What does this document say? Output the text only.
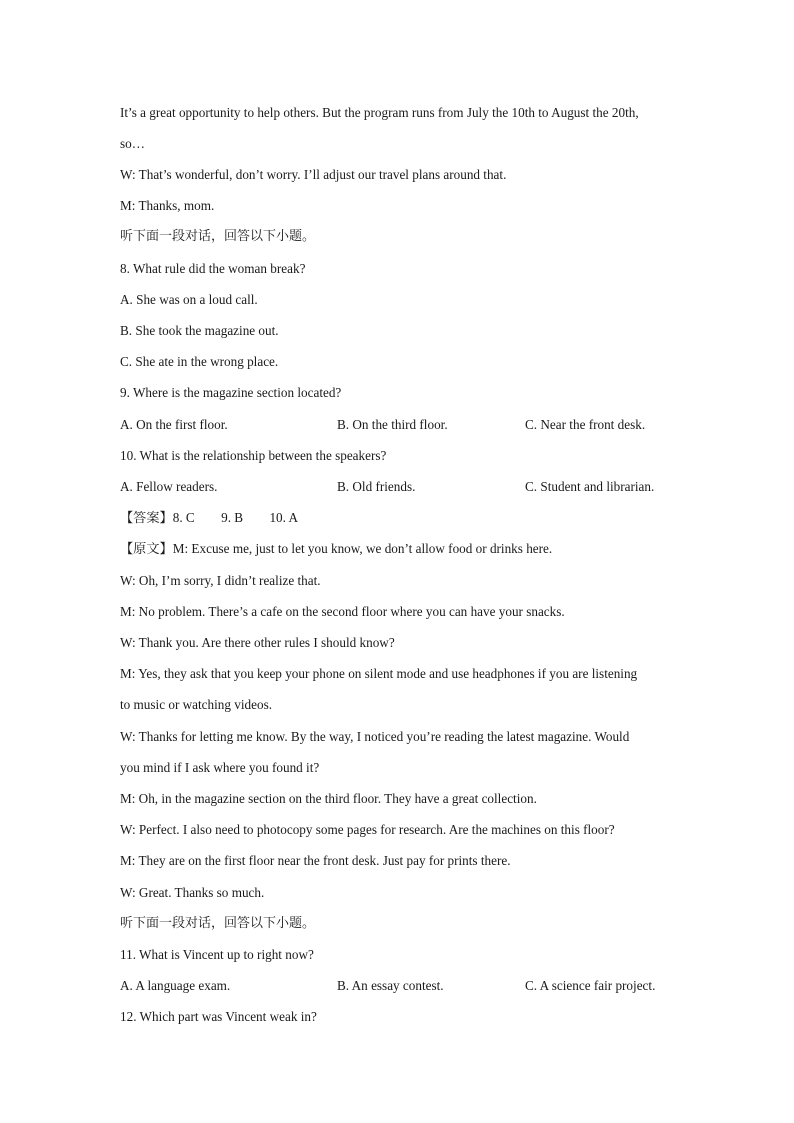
It’s a great opportunity to help others. But the program runs from July the 10th to August the 20th,
so…
W: That’s wonderful, don’t worry. I’ll adjust our travel plans around that.
M: Thanks, mom.
听下面一段对话，回答以下小题。
8. What rule did the woman break?
A. She was on a loud call.
B. She took the magazine out.
C. She ate in the wrong place.
9. Where is the magazine section located?
A. On the first floor.	B. On the third floor.	C. Near the front desk.
10. What is the relationship between the speakers?
A. Fellow readers.	B. Old friends.	C. Student and librarian.
【答案】8. C        9. B        10. A
【原文】M: Excuse me, just to let you know, we don’t allow food or drinks here.
W: Oh, I’m sorry, I didn’t realize that.
M: No problem. There’s a cafe on the second floor where you can have your snacks.
W: Thank you. Are there other rules I should know?
M: Yes, they ask that you keep your phone on silent mode and use headphones if you are listening
to music or watching videos.
W: Thanks for letting me know. By the way, I noticed you’re reading the latest magazine. Would
you mind if I ask where you found it?
M: Oh, in the magazine section on the third floor. They have a great collection.
W: Perfect. I also need to photocopy some pages for research. Are the machines on this floor?
M: They are on the first floor near the front desk. Just pay for prints there.
W: Great. Thanks so much.
听下面一段对话，回答以下小题。
11. What is Vincent up to right now?
A. A language exam.	B. An essay contest.	C. A science fair project.
12. Which part was Vincent weak in?
